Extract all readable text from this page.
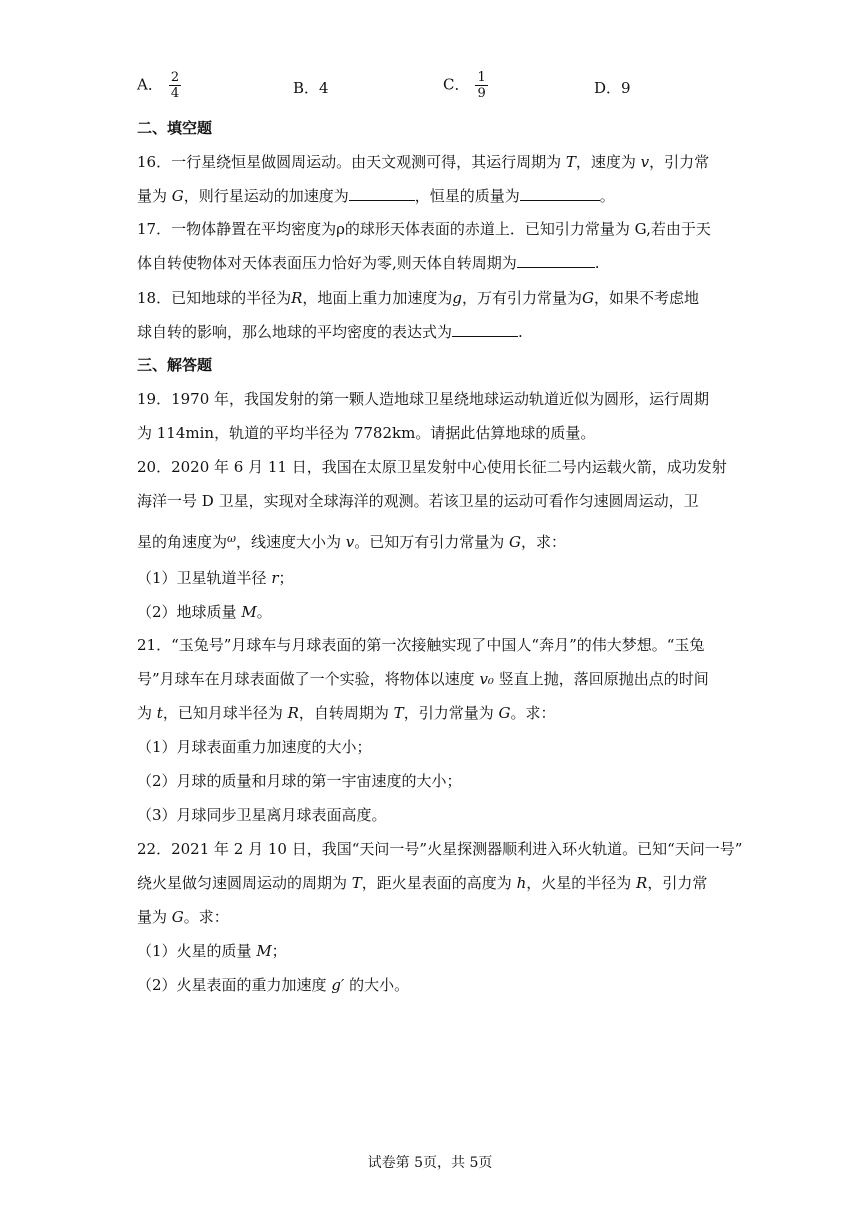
A． $\frac{2}{4}$	B．4	C． $\frac{1}{9}$	D．9
二、填空题
16．一行星绕恒星做圆周运动。由天文观测可得，其运行周期为 T，速度为 v，引力常
量为 G，则行星运动的加速度为	，恒星的质量为	。
17．一物体静置在平均密度为ρ的球形天体表面的赤道上．已知引力常量为 G,若由于天
体自转使物体对天体表面压力恰好为零,则天体自转周期为	.
18．已知地球的半径为R，地面上重力加速度为g，万有引力常量为G，如果不考虑地
球自转的影响，那么地球的平均密度的表达式为	.
三、解答题
19．1970 年，我国发射的第一颗人造地球卫星绕地球运动轨道近似为圆形，运行周期
为 114min，轨道的平均半径为 7782km。请据此估算地球的质量。
20．2020 年 6 月 11 日，我国在太原卫星发射中心使用长征二号内运载火箭，成功发射
海洋一号 D 卫星，实现对全球海洋的观测。若该卫星的运动可看作匀速圆周运动，卫
星的角速度为$^\omega$，线速度大小为 v。已知万有引力常量为 G，求：
（1）卫星轨道半径 r；
（2）地球质量 M。
21．“玉兔号”月球车与月球表面的第一次接触实现了中国人“奔月”的伟大梦想。“玉兔
号”月球车在月球表面做了一个实验，将物体以速度 v₀ 竖直上抛，落回原抛出点的时间
为 t，已知月球半径为 R，自转周期为 T，引力常量为 G。求：
（1）月球表面重力加速度的大小；
（2）月球的质量和月球的第一宇宙速度的大小；
（3）月球同步卫星离月球表面高度。
22．2021 年 2 月 10 日，我国“天问一号”火星探测器顺利进入环火轨道。已知“天问一号”
绕火星做匀速圆周运动的周期为 T，距火星表面的高度为 h，火星的半径为 R，引力常
量为 G。求：
（1）火星的质量 M；
（2）火星表面的重力加速度 g′ 的大小。
试卷第 5页，共 5页
